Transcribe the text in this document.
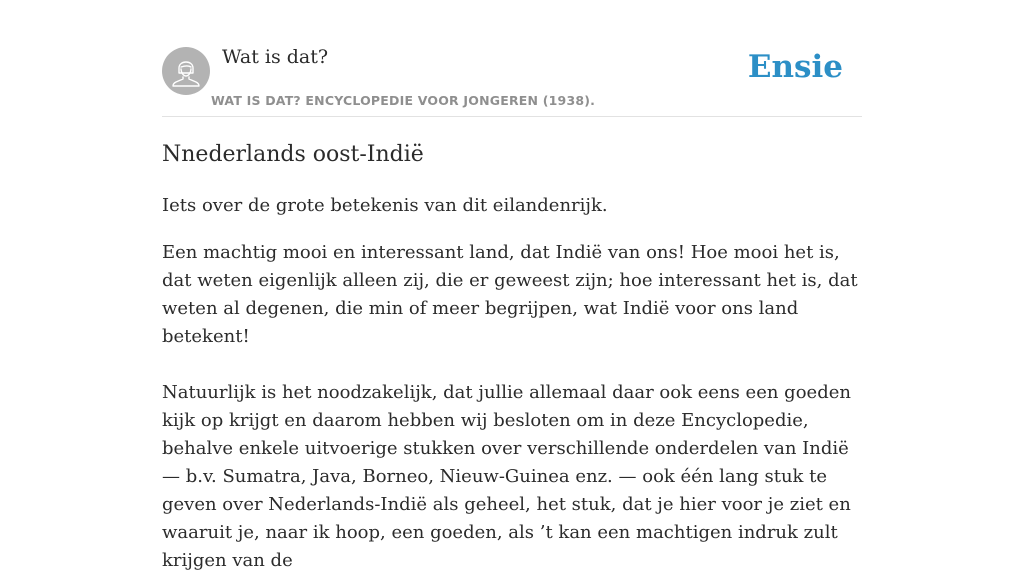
Wat is dat?
WAT IS DAT? ENCYCLOPEDIE VOOR JONGEREN (1938).
Ensie
Nnederlands oost-Indië

Iets over de grote betekenis van dit eilandenrijk.

Een machtig mooi en interessant land, dat Indië van ons! Hoe mooi het is, dat weten eigenlijk alleen zij, die er geweest zijn; hoe interessant het is, dat weten al degenen, die min of meer begrijpen, wat Indië voor ons land betekent!

Natuurlijk is het noodzakelijk, dat jullie allemaal daar ook eens een goeden kijk op krijgt en daarom hebben wij besloten om in deze Encyclopedie, behalve enkele uitvoerige stukken over verschillende onderdelen van Indië — b.v. Sumatra, Java, Borneo, Nieuw-Guinea enz. — ook één lang stuk te geven over Nederlands-Indië als geheel, het stuk, dat je hier voor je ziet en waaruit je, naar ik hoop, een goeden, als ’t kan een machtigen indruk zult krijgen van de
